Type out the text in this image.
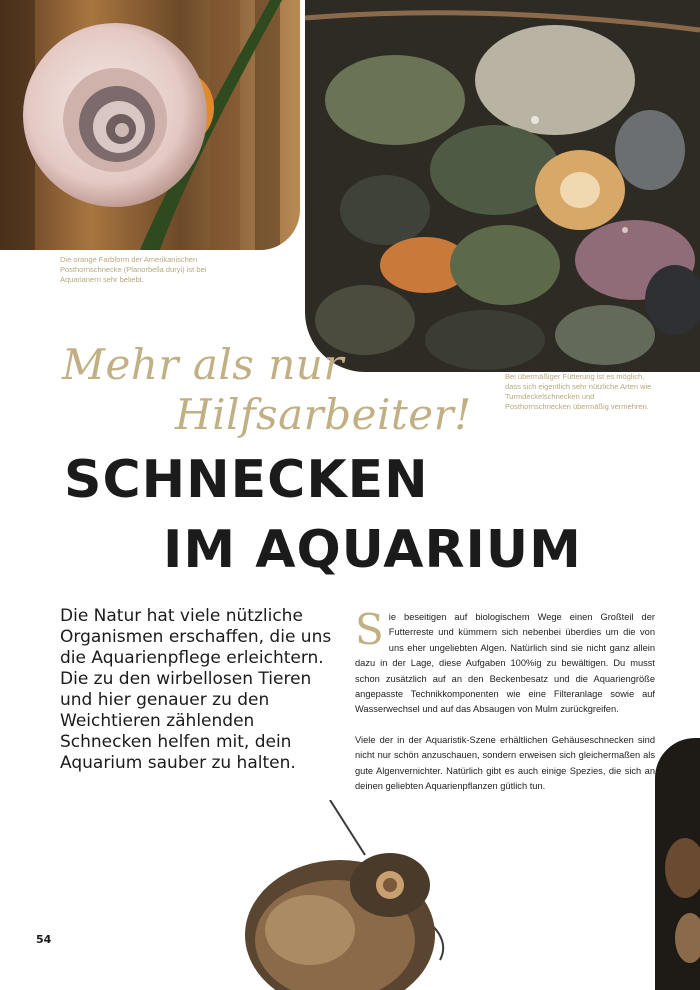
Die orange Farbform der Amerikanischen Posthornschnecke (Planorbella duryi) ist bei Aquarianern sehr beliebt.
Bei übermäßiger Fütterung ist es möglich, dass sich eigentlich sehr nützliche Arten wie Turmdeckelschnecken und Posthornschnecken übermäßig vermehren.
Mehr als nur
Hilfsarbeiter!
SCHNECKEN
IM AQUARIUM
Die Natur hat viele nützliche Organismen erschaffen, die uns die Aquarienpflege erleichtern. Die zu den wirbellosen Tieren und hier genauer zu den Weichtieren zählenden Schnecken helfen mit, dein Aquarium sauber zu halten.

Sie beseitigen auf biologischem Wege einen Großteil der Futterreste und kümmern sich nebenbei überdies um die von uns eher ungeliebten Algen. Natürlich sind sie nicht ganz allein dazu in der Lage, diese Aufgaben 100%ig zu bewältigen. Du musst schon zusätzlich auf an den Beckenbesatz und die Aquariengröße angepasste Technikkomponenten wie eine Filteranlage sowie auf Wasserwechsel und auf das Absaugen von Mulm zurückgreifen.

Viele der in der Aquaristik-Szene erhältlichen Gehäuseschnecken sind nicht nur schön anzuschauen, sondern erweisen sich gleichermaßen als gute Algenvernichter. Natürlich gibt es auch einige Spezies, die sich an deinen geliebten Aquarienpflanzen gütlich tun.

54
